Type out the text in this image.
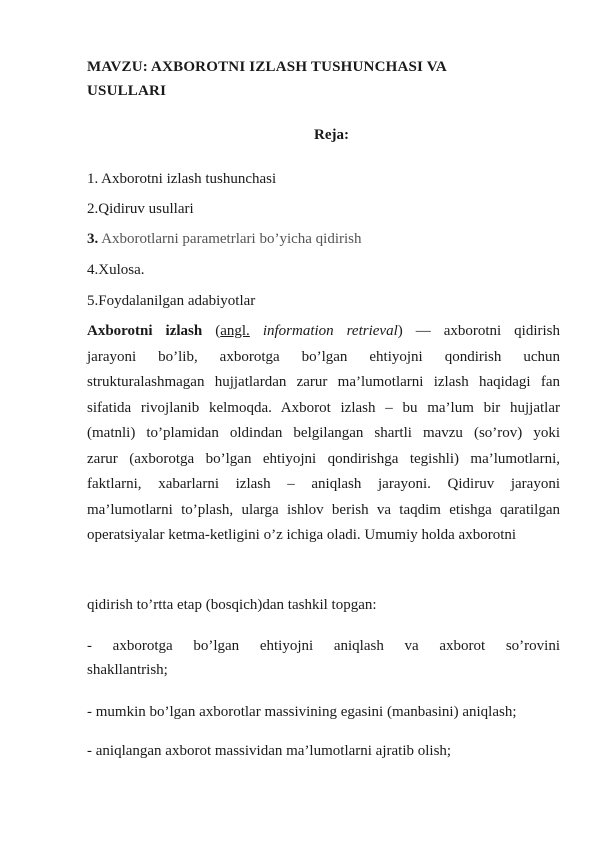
MAVZU: AXBOROTNI IZLASH TUSHUNCHASI VA
USULLARI
Reja:
1. Axborotni izlash tushunchasi
2.Qidiruv usullari
3. Axborotlarni parametrlari bo’yicha qidirish
4.Xulosa.
5.Foydalanilgan adabiyotlar
Axborotni izlash (angl. information retrieval) — axborotni qidirish
jarayoni bo’lib, axborotga bo’lgan ehtiyojni qondirish uchun
strukturalashmagan hujjatlardan zarur ma’lumotlarni izlash haqidagi fan
sifatida rivojlanib kelmoqda. Axborot izlash – bu ma’lum bir hujjatlar
(matnli) to’plamidan oldindan belgilangan shartli mavzu (so’rov) yoki
zarur (axborotga bo’lgan ehtiyojni qondirishga tegishli) ma’lumotlarni,
faktlarni, xabarlarni izlash – aniqlash jarayoni. Qidiruv jarayoni
ma’lumotlarni to’plash, ularga ishlov berish va taqdim etishga qaratilgan
operatsiyalar ketma-ketligini o’z ichiga oladi. Umumiy holda axborotni
qidirish to’rtta etap (bosqich)dan tashkil topgan:
- axborotga bo’lgan ehtiyojni aniqlash va axborot so’rovini
shakllantrish;
- mumkin bo’lgan axborotlar massivining egasini (manbasini) aniqlash;
- aniqlangan axborot massividan ma’lumotlarni ajratib olish;
